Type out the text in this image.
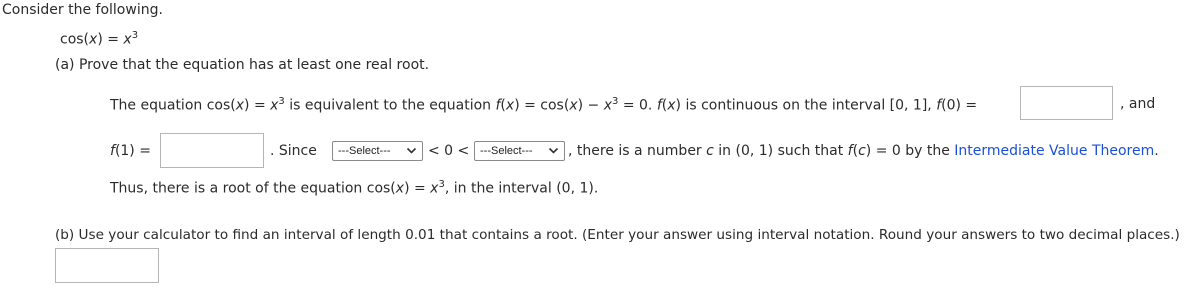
Consider the following.
$\cos(x) = x^3$
(a) Prove that the equation has at least one real root.
The equation $\cos(x) = x^3$ is equivalent to the equation $f(x) = \cos(x) - x^3 = 0$. f(x) is continuous on the interval [0, 1], f(0) =	, and
f(1) =	. Since	---Select---	< 0 < ---Select---	, there is a number c in (0, 1) such that f(c) = 0 by the Intermediate Value Theorem.
Thus, there is a root of the equation $\cos(x) = x^3$, in the interval (0, 1).
(b) Use your calculator to find an interval of length 0.01 that contains a root. (Enter your answer using interval notation. Round your answers to two decimal places.)
